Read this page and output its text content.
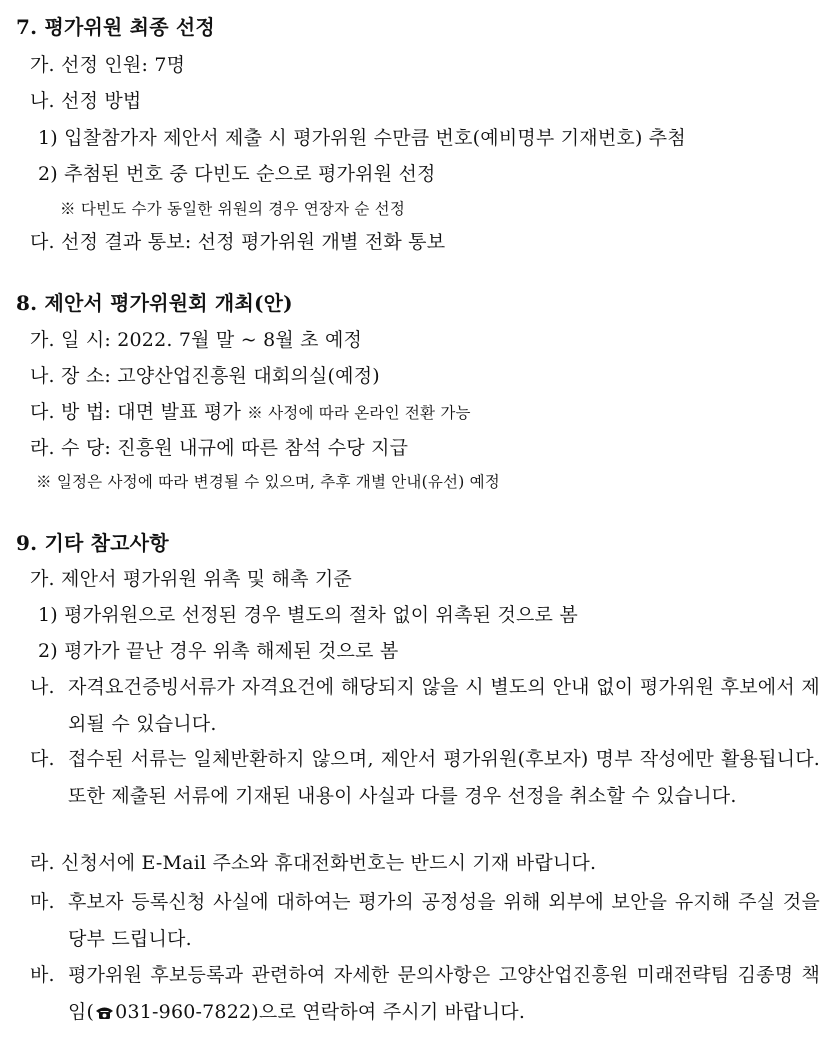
7. 평가위원 최종 선정
가. 선정 인원: 7명
나. 선정 방법
1) 입찰참가자 제안서 제출 시 평가위원 수만큼 번호(예비명부 기재번호) 추첨
2) 추첨된 번호 중 다빈도 순으로 평가위원 선정
※ 다빈도 수가 동일한 위원의 경우 연장자 순 선정
다. 선정 결과 통보: 선정 평가위원 개별 전화 통보
8. 제안서 평가위원회 개최(안)
가. 일 시: 2022. 7월 말 ~ 8월 초 예정
나. 장 소: 고양산업진흥원 대회의실(예정)
다. 방 법: 대면 발표 평가 ※ 사정에 따라 온라인 전환 가능
라. 수 당: 진흥원 내규에 따른 참석 수당 지급
※ 일정은 사정에 따라 변경될 수 있으며, 추후 개별 안내(유선) 예정
9. 기타 참고사항
가. 제안서 평가위원 위촉 및 해촉 기준
1) 평가위원으로 선정된 경우 별도의 절차 없이 위촉된 것으로 봄
2) 평가가 끝난 경우 위촉 해제된 것으로 봄
나. 자격요건증빙서류가 자격요건에 해당되지 않을 시 별도의 안내 없이 평가위원 후보에서 제외될 수 있습니다.
다. 접수된 서류는 일체반환하지 않으며, 제안서 평가위원(후보자) 명부 작성에만 활용됩니다. 또한 제출된 서류에 기재된 내용이 사실과 다를 경우 선정을 취소할 수 있습니다.
라. 신청서에 E-Mail 주소와 휴대전화번호는 반드시 기재 바랍니다.
마. 후보자 등록신청 사실에 대하여는 평가의 공정성을 위해 외부에 보안을 유지해 주실 것을 당부 드립니다.
바. 평가위원 후보등록과 관련하여 자세한 문의사항은 고양산업진흥원 미래전략팀 김종명 책임( 031-960-7822)으로 연락하여 주시기 바랍니다.
